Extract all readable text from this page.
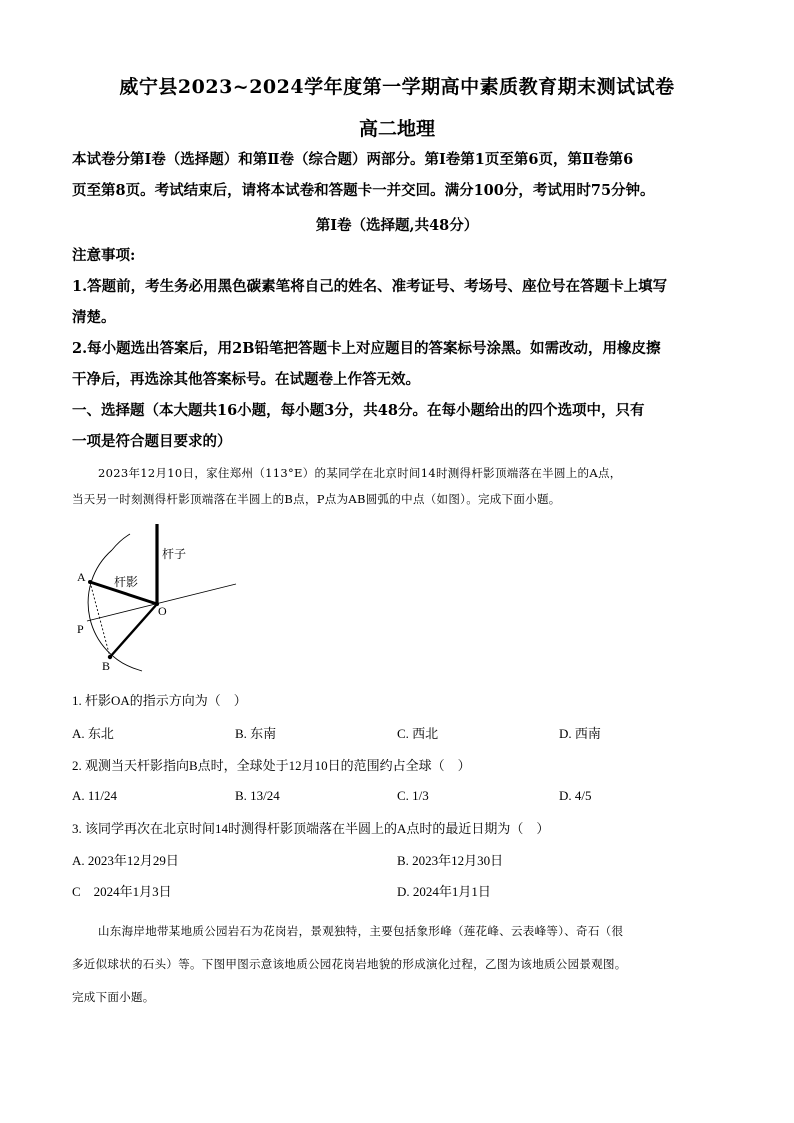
威宁县2023~2024学年度第一学期高中素质教育期末测试试卷
高二地理
本试卷分第Ⅰ卷（选择题）和第Ⅱ卷（综合题）两部分。第Ⅰ卷第1页至第6页，第Ⅱ卷第6
页至第8页。考试结束后，请将本试卷和答题卡一并交回。满分100分，考试用时75分钟。
第Ⅰ卷（选择题,共48分）
注意事项:
1.答题前，考生务必用黑色碳素笔将自己的姓名、准考证号、考场号、座位号在答题卡上填写
清楚。
2.每小题选出答案后，用2B铅笔把答题卡上对应题目的答案标号涂黑。如需改动，用橡皮擦
干净后，再选涂其他答案标号。在试题卷上作答无效。
一、选择题（本大题共16小题，每小题3分，共48分。在每小题给出的四个选项中，只有
一项是符合题目要求的）
2023年12月10日，家住郑州（113°E）的某同学在北京时间14时测得杆影顶端落在半圆上的A点，
当天另一时刻测得杆影顶端落在半圆上的B点，P点为AB圆弧的中点（如图）。完成下面小题。
杆子
杆影
A
O
P
B
1. 杆影OA的指示方向为（　）
A. 东北	B. 东南	C. 西北	D. 西南
2. 观测当天杆影指向B点时，全球处于12月10日的范围约占全球（　）
A. 11/24	B. 13/24	C. 1/3	D. 4/5
3. 该同学再次在北京时间14时测得杆影顶端落在半圆上的A点时的最近日期为（　）
A. 2023年12月29日	B. 2023年12月30日
C　2024年1月3日	D. 2024年1月1日
山东海岸地带某地质公园岩石为花岗岩，景观独特，主要包括象形峰（莲花峰、云表峰等）、奇石（很
多近似球状的石头）等。下图甲图示意该地质公园花岗岩地貌的形成演化过程，乙图为该地质公园景观图。
完成下面小题。
